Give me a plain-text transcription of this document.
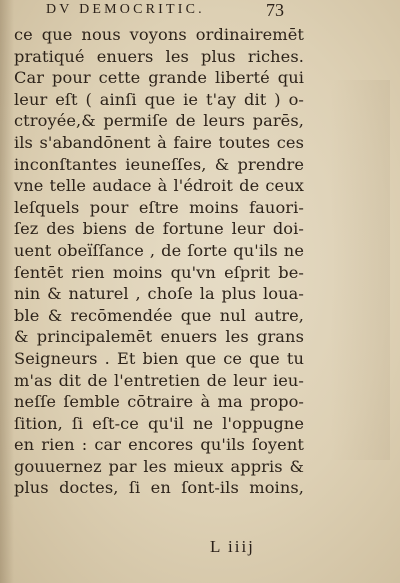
DV DEMOCRITIC.	73
ce que nous voyons ordinairemēt
pratiqué enuers les plus riches.
Car pour cette grande liberté qui
leur eſt ( ainſi que ie t'ay dit ) o-
ctroyée,& permiſe de leurs parēs,
ils s'abandōnent à faire toutes ces
inconſtantes ieuneſſes, & prendre
vne telle audace à l'édroit de ceux
leſquels pour eſtre moins fauori-
ſez des biens de fortune leur doi-
uent obeïſſance , de ſorte qu'ils ne
ſentēt rien moins qu'vn eſprit be-
nin & naturel , choſe la plus loua-
ble & recōmendée que nul autre,
& principalemēt enuers les grans
Seigneurs . Et bien que ce que tu
m'as dit de l'entretien de leur ieu-
neſſe ſemble cōtraire à ma propo-
ſition, ſi eſt-ce qu'il ne l'oppugne
en rien : car encores qu'ils ſoyent
gouuernez par les mieux appris &
plus doctes, ſi en ſont-ils moins,
L iiij
